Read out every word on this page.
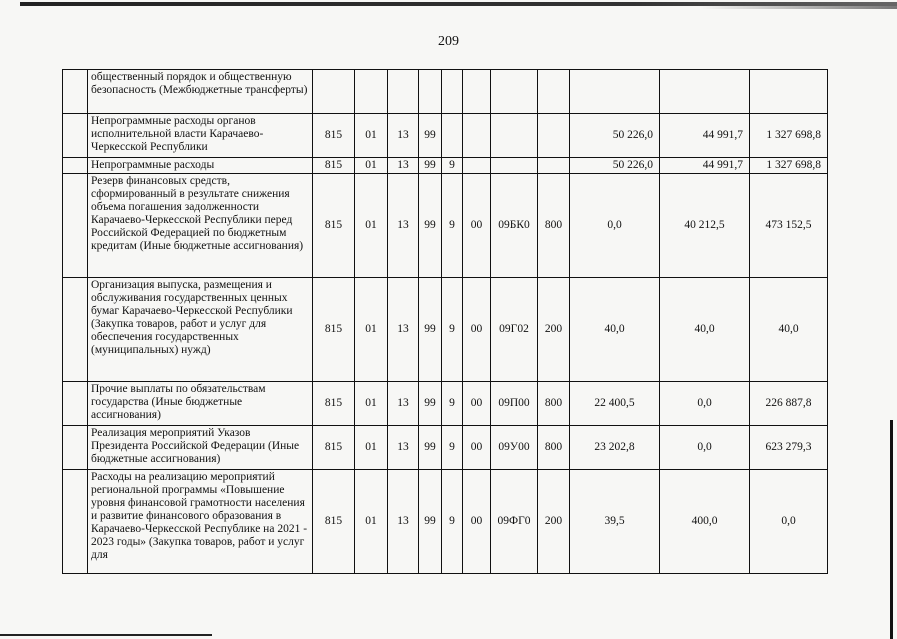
209
	общественный порядок и общественную безопасность (Межбюджетные трансферты)											
	Непрограммные расходы органов исполнительной власти Карачаево-Черкесской Республики	815	01	13	99					50 226,0	44 991,7	1 327 698,8
	Непрограммные расходы	815	01	13	99	9				50 226,0	44 991,7	1 327 698,8
	Резерв финансовых средств, сформированный в результате снижения объема погашения задолженности Карачаево-Черкесской Республики перед Российской Федерацией по бюджетным кредитам (Иные бюджетные ассигнования)	815	01	13	99	9	00	09БК0	800	0,0	40 212,5	473 152,5
	Организация выпуска, размещения и обслуживания государственных ценных бумаг Карачаево-Черкесской Республики (Закупка товаров, работ и услуг для обеспечения государственных (муниципальных) нужд)	815	01	13	99	9	00	09Г02	200	40,0	40,0	40,0
	Прочие выплаты по обязательствам государства (Иные бюджетные ассигнования)	815	01	13	99	9	00	09П00	800	22 400,5	0,0	226 887,8
	Реализация мероприятий Указов Президента Российской Федерации (Иные бюджетные ассигнования)	815	01	13	99	9	00	09У00	800	23 202,8	0,0	623 279,3
	Расходы на реализацию мероприятий региональной программы «Повышение уровня финансовой грамотности населения и развитие финансового образования в Карачаево-Черкесской Республике на 2021 - 2023 годы» (Закупка товаров, работ и услуг для	815	01	13	99	9	00	09ФГ0	200	39,5	400,0	0,0
